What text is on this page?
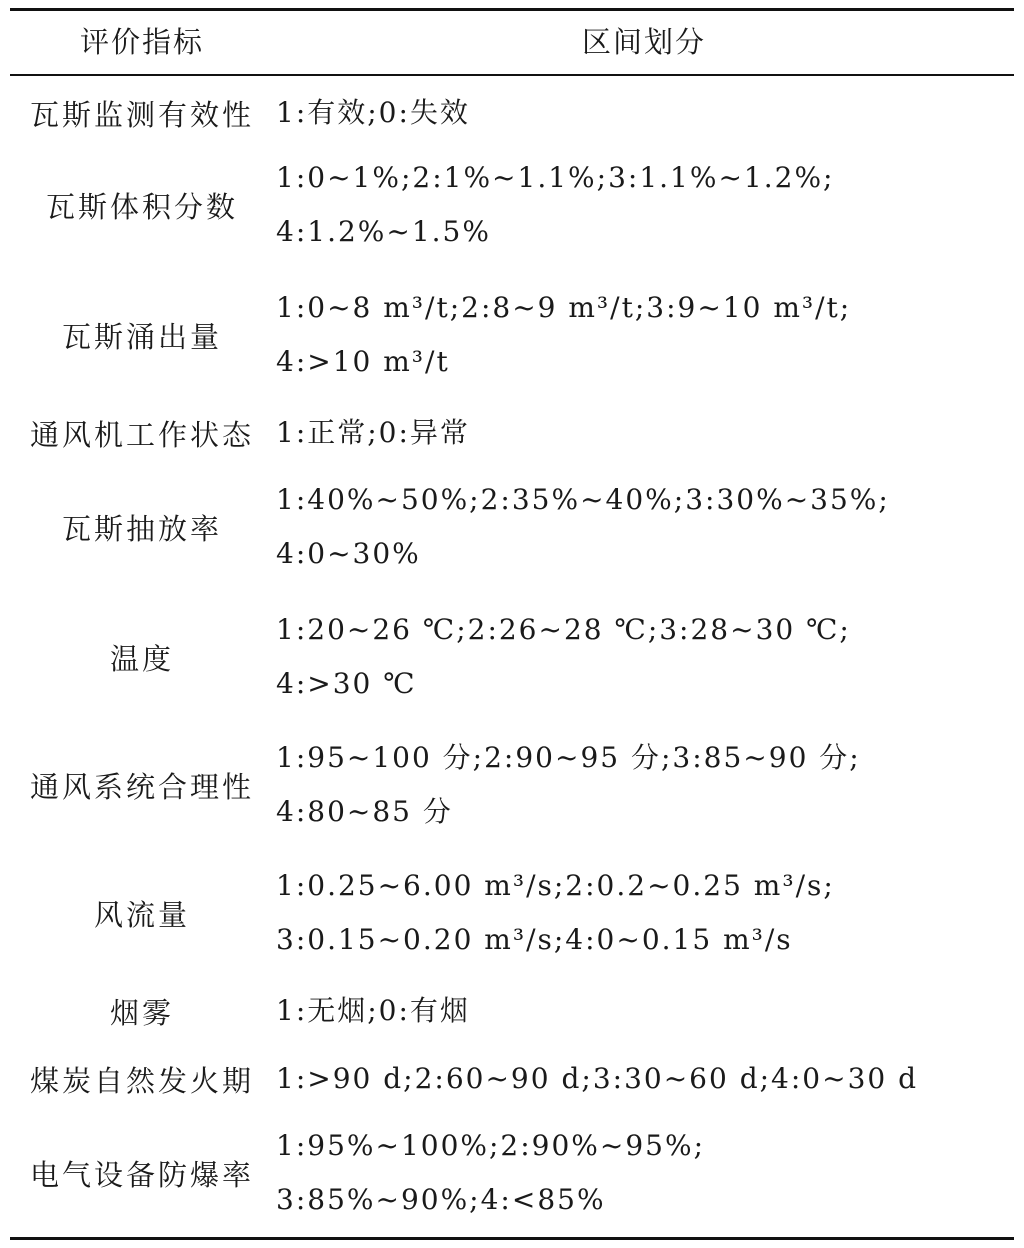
评价指标	区间划分
瓦斯监测有效性 1:有效;0:失效
瓦斯体积分数
1:0~1%;2:1%~1.1%;3:1.1%~1.2%;
4:1.2%~1.5%
瓦斯涌出量
1:0~8 m³/t;2:8~9 m³/t;3:9~10 m³/t;
4:>10 m³/t
通风机工作状态 1:正常;0:异常
瓦斯抽放率
1:40%~50%;2:35%~40%;3:30%~35%;
4:0~30%
温度
1:20~26 ℃;2:26~28 ℃;3:28~30 ℃;
4:>30 ℃
通风系统合理性
1:95~100 分;2:90~95 分;3:85~90 分;
4:80~85 分
风流量
1:0.25~6.00 m³/s;2:0.2~0.25 m³/s;
3:0.15~0.20 m³/s;4:0~0.15 m³/s
烟雾	1:无烟;0:有烟
煤炭自然发火期 1:>90 d;2:60~90 d;3:30~60 d;4:0~30 d
电气设备防爆率
1:95%~100%;2:90%~95%;
3:85%~90%;4:<85%
